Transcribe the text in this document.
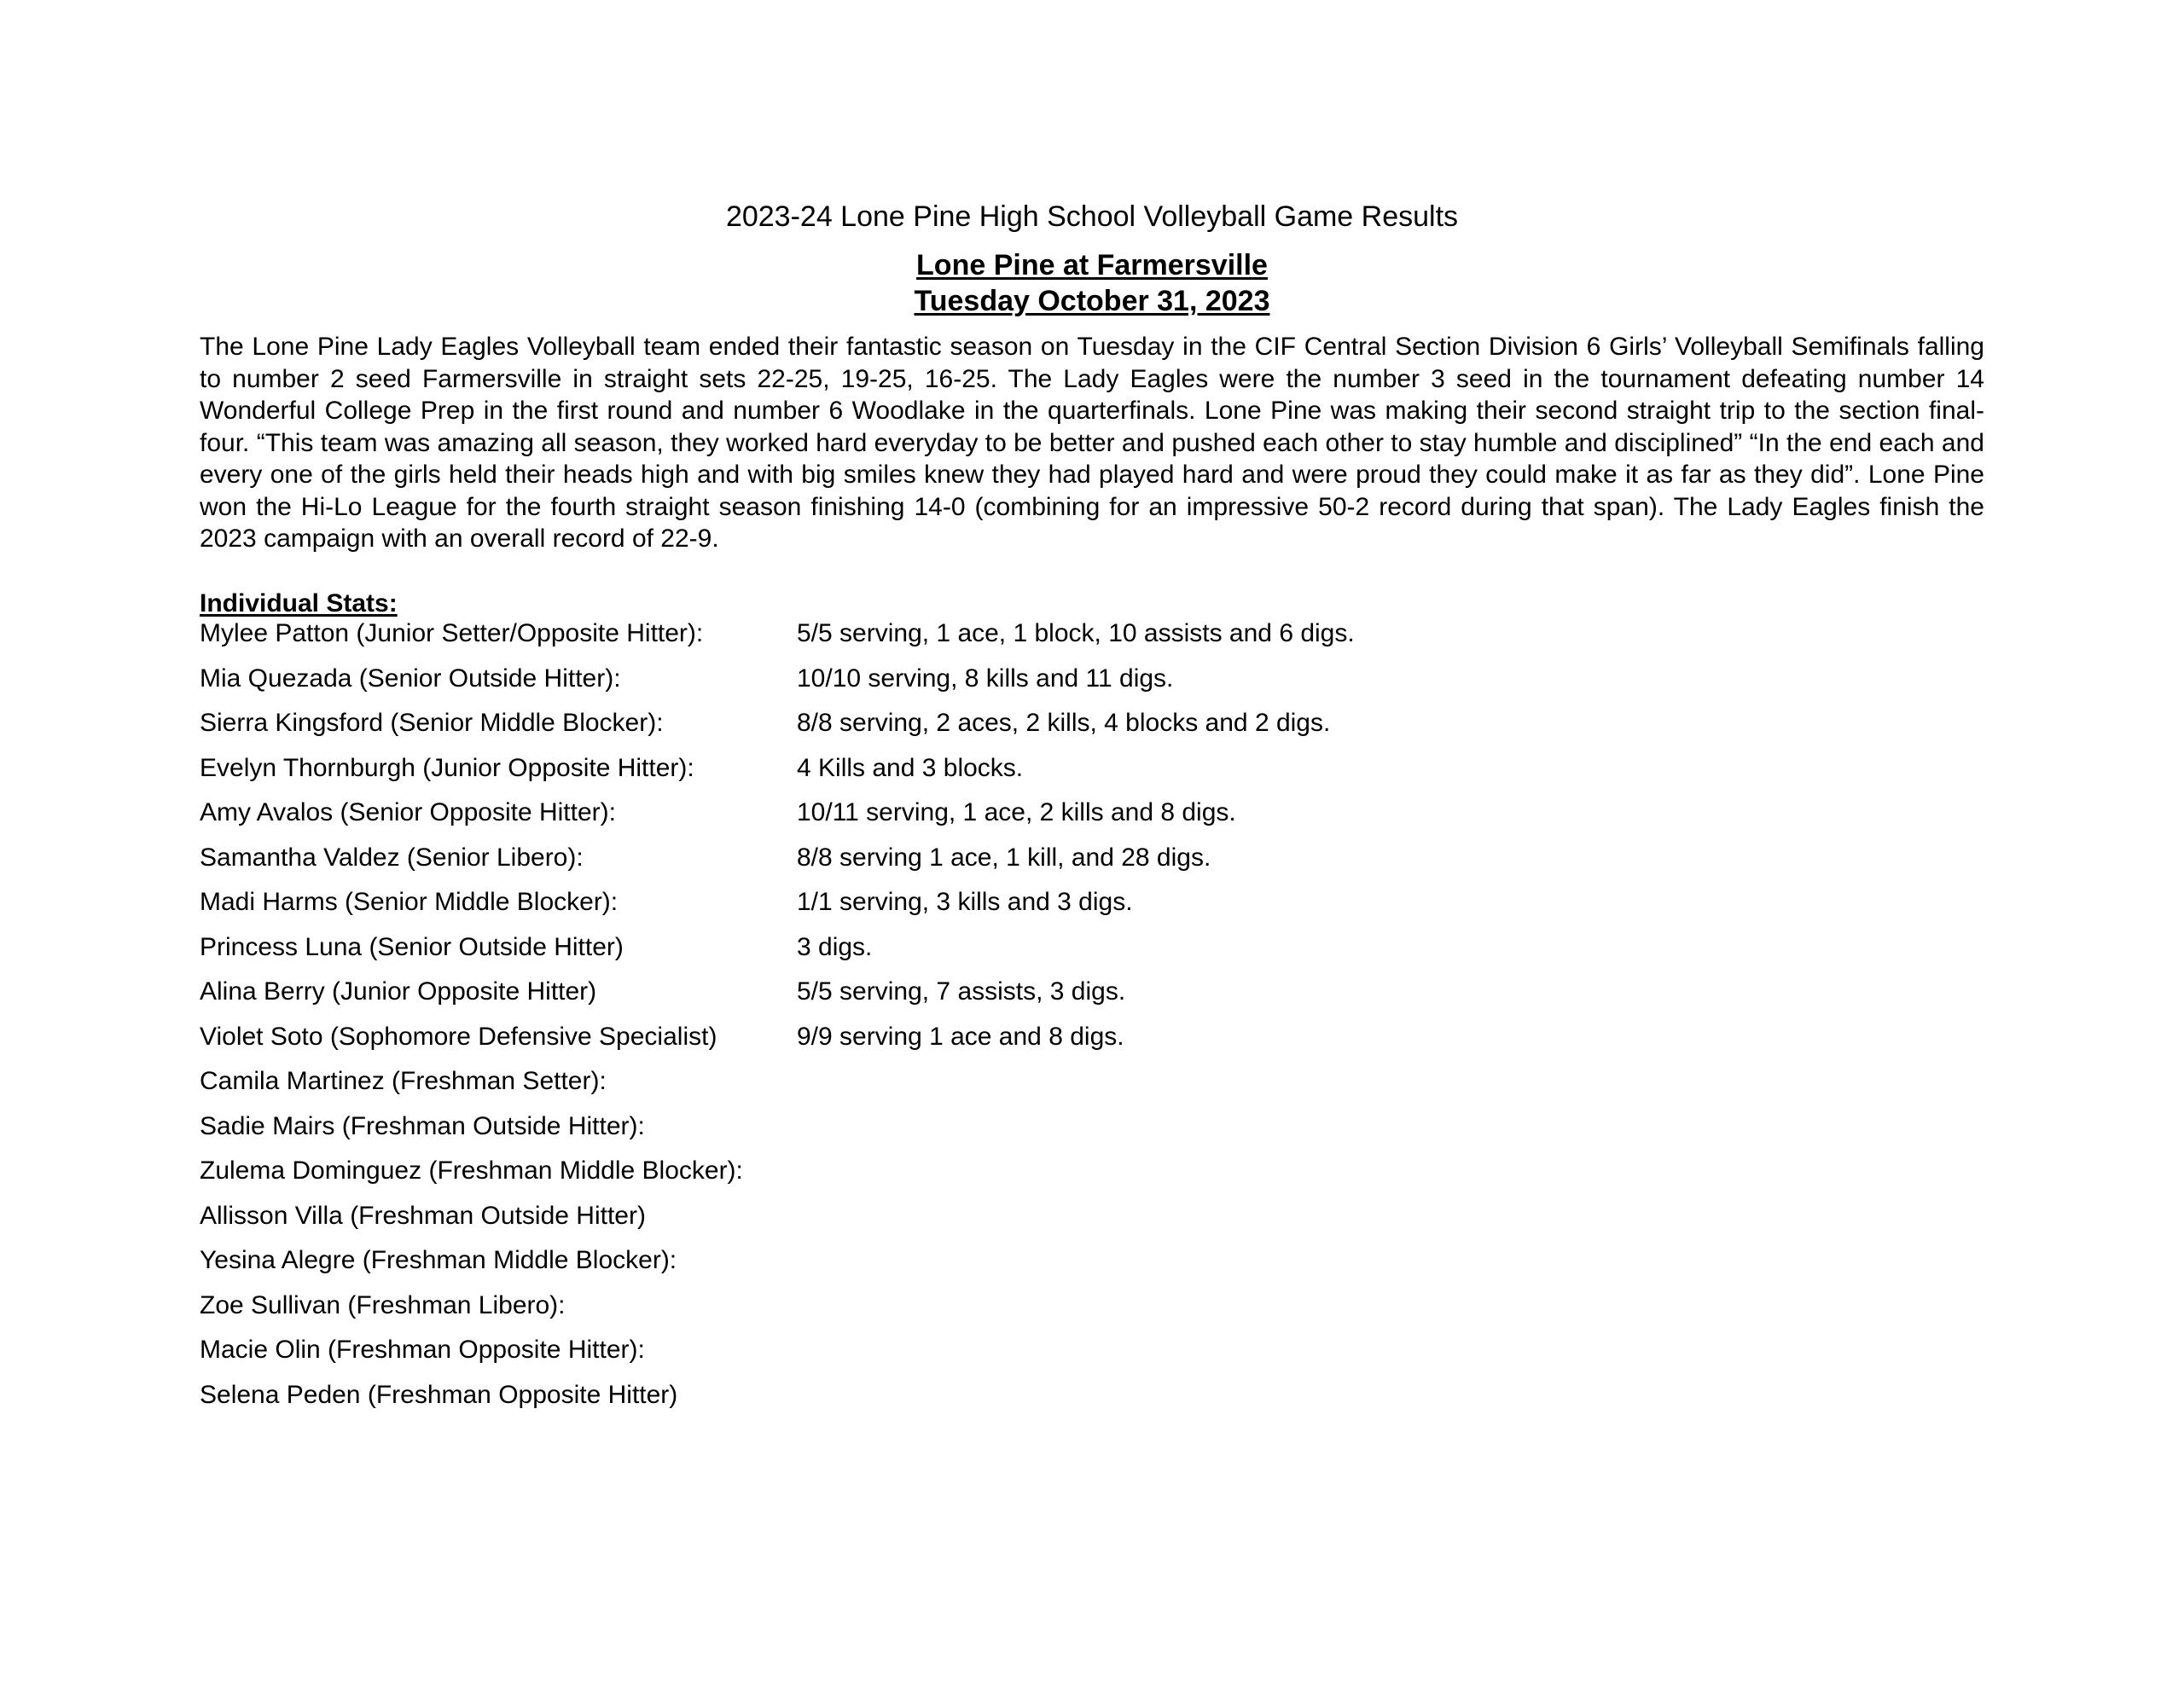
2023-24 Lone Pine High School Volleyball Game Results
Lone Pine at Farmersville
Tuesday October 31, 2023
The Lone Pine Lady Eagles Volleyball team ended their fantastic season on Tuesday in the CIF Central Section Division 6 Girls’ Volleyball Semifinals falling to number 2 seed Farmersville in straight sets 22-25, 19-25, 16-25. The Lady Eagles were the number 3 seed in the tournament defeating number 14 Wonderful College Prep in the first round and number 6 Woodlake in the quarterfinals. Lone Pine was making their second straight trip to the section final-four. “This team was amazing all season, they worked hard everyday to be better and pushed each other to stay humble and disciplined” “In the end each and every one of the girls held their heads high and with big smiles knew they had played hard and were proud they could make it as far as they did”. Lone Pine won the Hi-Lo League for the fourth straight season finishing 14-0 (combining for an impressive 50-2 record during that span). The Lady Eagles finish the 2023 campaign with an overall record of 22-9.
Individual Stats:
Mylee Patton (Junior Setter/Opposite Hitter):	5/5 serving, 1 ace, 1 block, 10 assists and 6 digs.
Mia Quezada (Senior Outside Hitter):	10/10 serving, 8 kills and 11 digs.
Sierra Kingsford (Senior Middle Blocker):	8/8 serving, 2 aces, 2 kills, 4 blocks and 2 digs.
Evelyn Thornburgh (Junior Opposite Hitter):	4 Kills and 3 blocks.
Amy Avalos (Senior Opposite Hitter):	10/11 serving, 1 ace, 2 kills and 8 digs.
Samantha Valdez (Senior Libero):	8/8 serving 1 ace, 1 kill, and 28 digs.
Madi Harms (Senior Middle Blocker):	1/1 serving, 3 kills and 3 digs.
Princess Luna (Senior Outside Hitter)	3 digs.
Alina Berry (Junior Opposite Hitter)	5/5 serving, 7 assists, 3 digs.
Violet Soto (Sophomore Defensive Specialist)	9/9 serving 1 ace and 8 digs.
Camila Martinez (Freshman Setter):
Sadie Mairs (Freshman Outside Hitter):
Zulema Dominguez (Freshman Middle Blocker):
Allisson Villa (Freshman Outside Hitter)
Yesina Alegre (Freshman Middle Blocker):
Zoe Sullivan (Freshman Libero):
Macie Olin (Freshman Opposite Hitter):
Selena Peden (Freshman Opposite Hitter)
